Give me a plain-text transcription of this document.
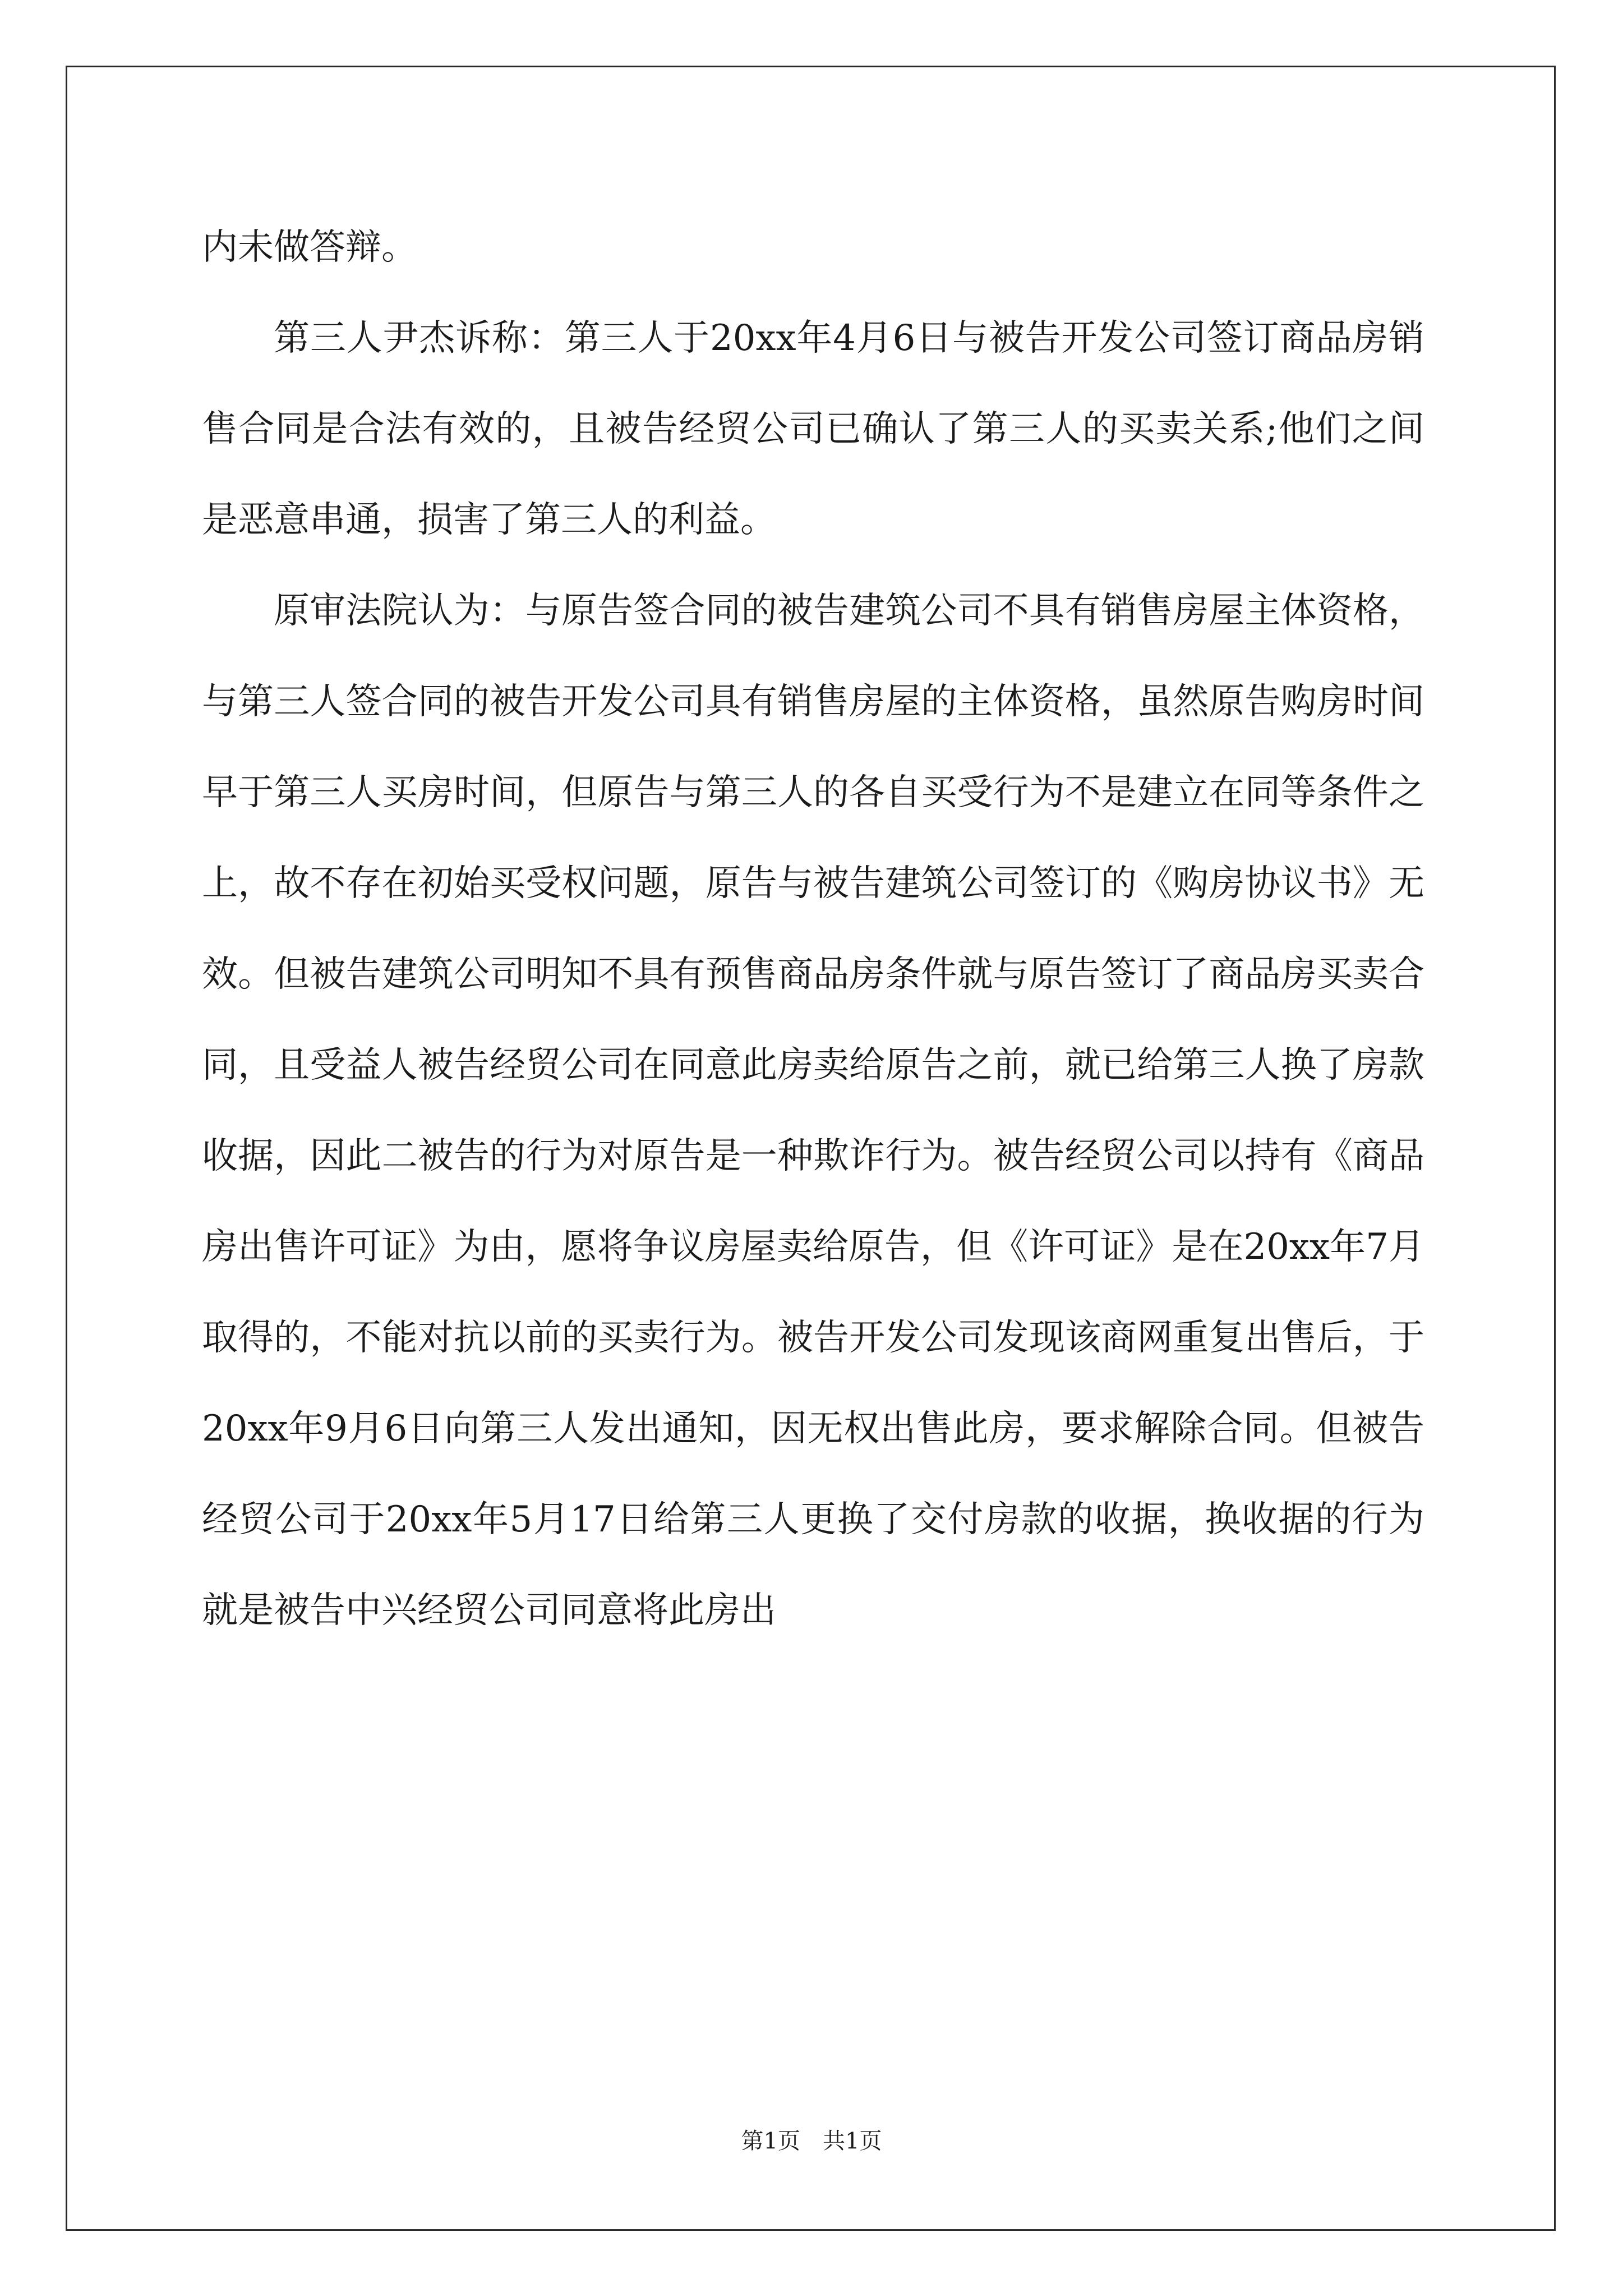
内未做答辩。

第三人尹杰诉称：第三人于20xx年4月6日与被告开发公司签订商品房销售合同是合法有效的，且被告经贸公司已确认了第三人的买卖关系;他们之间是恶意串通，损害了第三人的利益。

原审法院认为：与原告签合同的被告建筑公司不具有销售房屋主体资格，与第三人签合同的被告开发公司具有销售房屋的主体资格，虽然原告购房时间早于第三人买房时间，但原告与第三人的各自买受行为不是建立在同等条件之上，故不存在初始买受权问题，原告与被告建筑公司签订的《购房协议书》无效。但被告建筑公司明知不具有预售商品房条件就与原告签订了商品房买卖合同，且受益人被告经贸公司在同意此房卖给原告之前，就已给第三人换了房款收据，因此二被告的行为对原告是一种欺诈行为。被告经贸公司以持有《商品房出售许可证》为由，愿将争议房屋卖给原告，但《许可证》是在20xx年7月取得的，不能对抗以前的买卖行为。被告开发公司发现该商网重复出售后，于20xx年9月6日向第三人发出通知，因无权出售此房，要求解除合同。但被告经贸公司于20xx年5月17日给第三人更换了交付房款的收据，换收据的行为就是被告中兴经贸公司同意将此房出

第1页　共1页
